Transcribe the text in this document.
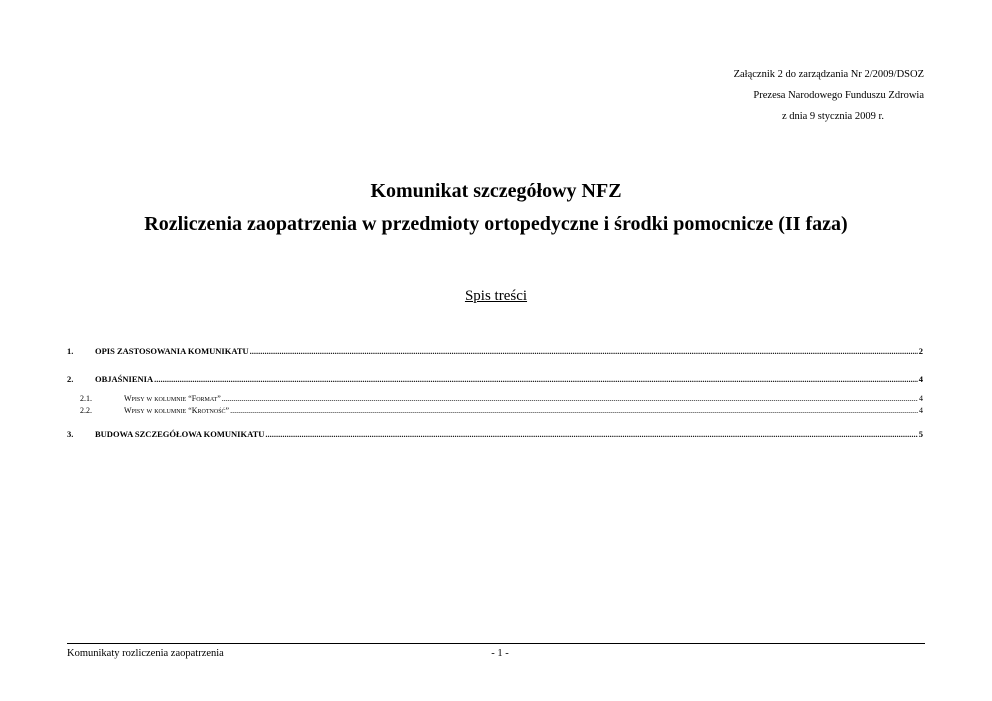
Załącznik 2 do zarządzania Nr 2/2009/DSOZ
Prezesa Narodowego Funduszu Zdrowia
z dnia 9 stycznia 2009 r.
Komunikat szczegółowy NFZ
Rozliczenia zaopatrzenia w przedmioty ortopedyczne i środki pomocnicze (II faza)
Spis treści
1.	OPIS ZASTOSOWANIA KOMUNIKATU .....	2
2.	OBJAŚNIENIA .....	4
2.1.	Wpisy w kolumnie “Format” .....	4
2.2.	Wpisy w kolumnie “Krotność” .....	4
3.	BUDOWA SZCZEGÓŁOWA KOMUNIKATU .....	5
Komunikaty rozliczenia zaopatrzenia	- 1 -
